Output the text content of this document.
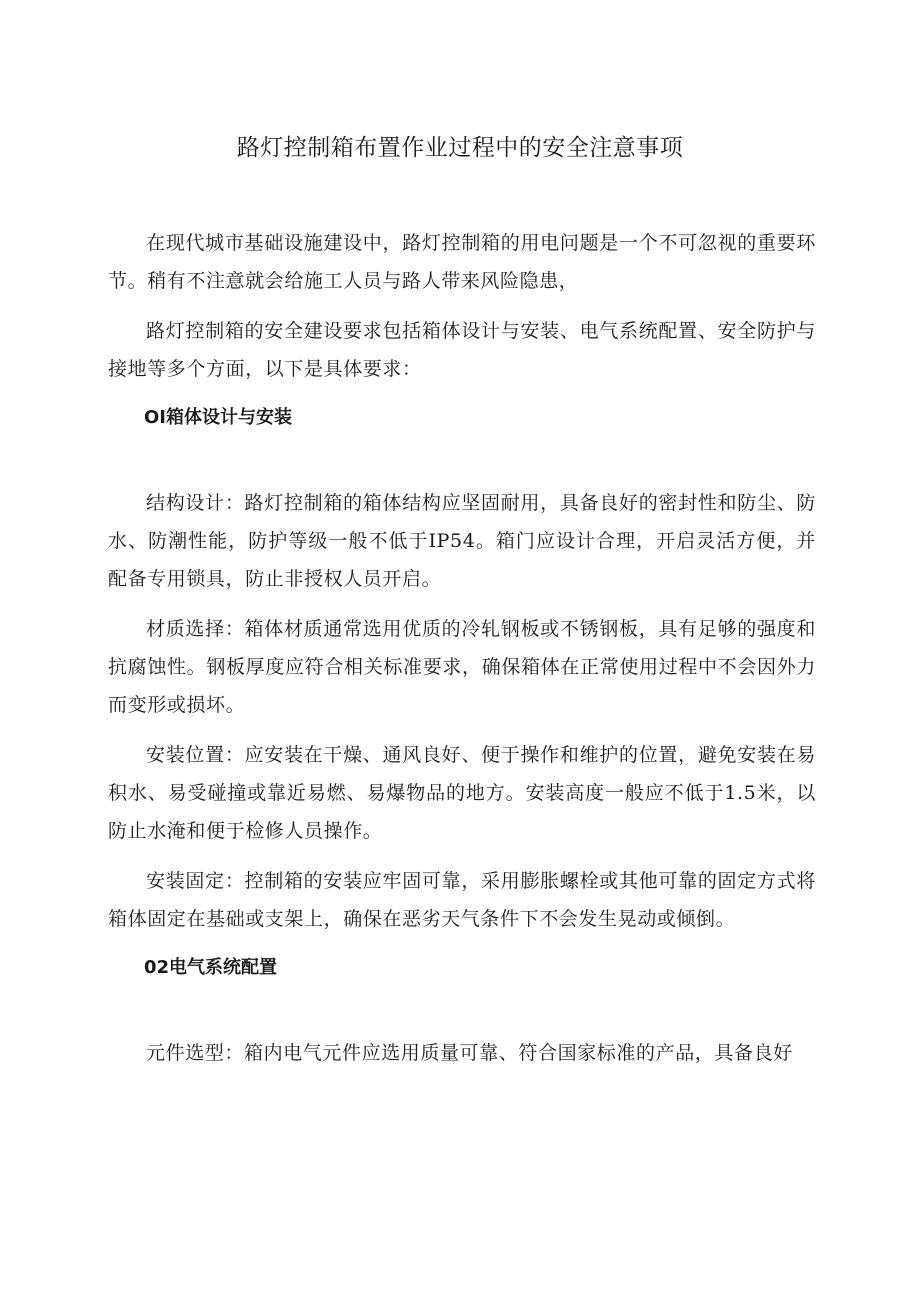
路灯控制箱布置作业过程中的安全注意事项

在现代城市基础设施建设中，路灯控制箱的用电问题是一个不可忽视的重要环节。稍有不注意就会给施工人员与路人带来风险隐患，

路灯控制箱的安全建设要求包括箱体设计与安装、电气系统配置、安全防护与接地等多个方面，以下是具体要求：

OI箱体设计与安装

结构设计：路灯控制箱的箱体结构应坚固耐用，具备良好的密封性和防尘、防水、防潮性能，防护等级一般不低于IP54。箱门应设计合理，开启灵活方便，并配备专用锁具，防止非授权人员开启。

材质选择：箱体材质通常选用优质的冷轧钢板或不锈钢板，具有足够的强度和抗腐蚀性。钢板厚度应符合相关标准要求，确保箱体在正常使用过程中不会因外力而变形或损坏。

安装位置：应安装在干燥、通风良好、便于操作和维护的位置，避免安装在易积水、易受碰撞或靠近易燃、易爆物品的地方。安装高度一般应不低于1.5米，以防止水淹和便于检修人员操作。

安装固定：控制箱的安装应牢固可靠，采用膨胀螺栓或其他可靠的固定方式将箱体固定在基础或支架上，确保在恶劣天气条件下不会发生晃动或倾倒。

02电气系统配置

元件选型：箱内电气元件应选用质量可靠、符合国家标准的产品，具备良好
